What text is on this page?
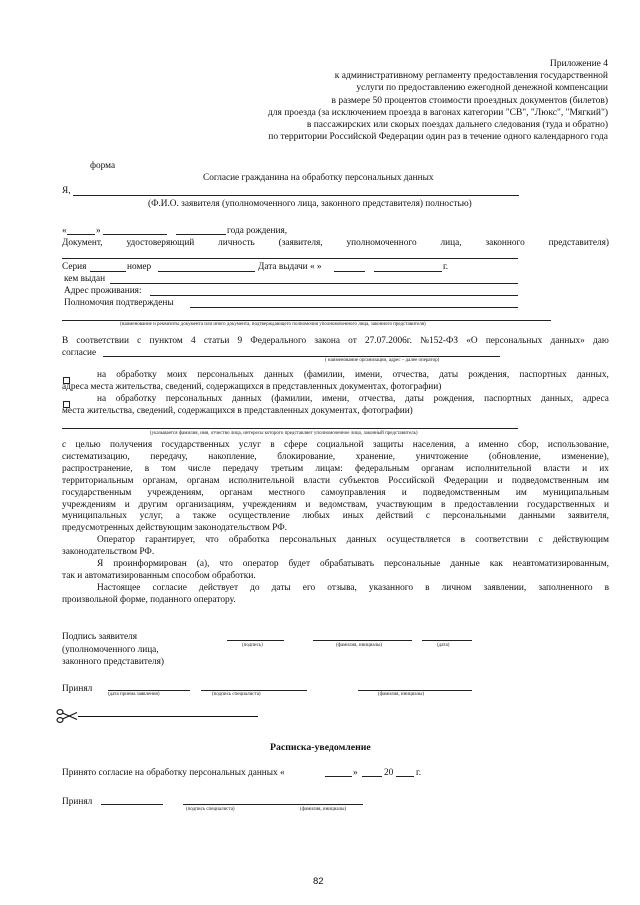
Приложение 4
к административному регламенту предоставления государственной
услуги по предоставлению ежегодной денежной компенсации
в размере 50 процентов стоимости проездных документов (билетов)
для проезда (за исключением проезда в вагонах категории "СВ", "Люкс", "Мягкий")
в пассажирских или скорых поездах дальнего следования (туда и обратно)
по территории Российской Федерации один раз в течение одного календарного года
форма
Согласие гражданина на обработку персональных данных
Я,
(Ф.И.О. заявителя (уполномоченного лица, законного представителя) полностью)
«	»	года рождения,
Документ,	удостоверяющий	личность	(заявителя,	уполномоченного	лица,	законного	представителя)
Серия	номер	Дата выдачи « »	г.
кем выдан
Адрес проживания:
Полномочия подтверждены
(наименование и реквизиты документа или иного документа, подтверждающего полномочия уполномоченного лица, законного представителя)
В соответствии с пунктом 4 статьи 9 Федерального закона от 27.07.2006г. №152-ФЗ «О персональных данных» даю
согласие
( наименование организации, адрес – далее оператор)
на обработку моих персональных данных (фамилии, имени, отчества, даты рождения, паспортных данных,
адреса места жительства, сведений, содержащихся в представленных документах, фотографии)
на обработку персональных данных (фамилии, имени, отчества, даты рождения, паспортных данных, адреса
места жительства, сведений, содержащихся в представленных документах, фотографии)
(указывается фамилия, имя, отчество лица, интересы которого представляет уполномоченное лицо, законный представитель)
с целью получения государственных услуг в сфере социальной защиты населения, а именно сбор, использование,
систематизацию, передачу, накопление, блокирование, хранение, уничтожение (обновление, изменение),
распространение, в том числе передачу третьим лицам: федеральным органам исполнительной власти и их
территориальным органам, органам исполнительной власти субъектов Российской Федерации и подведомственным им
государственным учреждениям, органам местного самоуправления и подведомственным им муниципальным
учреждениям и другим организациям, учреждениям и ведомствам, участвующим в предоставлении государственных и
муниципальных услуг, а также осуществление любых иных действий с персональными данными заявителя,
предусмотренных действующим законодательством РФ.
Оператор гарантирует, что обработка персональных данных осуществляется в соответствии с действующим
законодательством РФ.
Я проинформирован (а), что оператор будет обрабатывать персональные данные как неавтоматизированным,
так и автоматизированным способом обработки.
Настоящее согласие действует до даты его отзыва, указанного в личном заявлении, заполненного в
произвольной форме, поданного оператору.
Подпись заявителя
(уполномоченного лица,
законного представителя)
(подпись)	(фамилия, инициалы)	(дата)
Принял
(дата приема заявления)	(подпись специалиста)	(фамилия, инициалы)
Расписка-уведомление
Принято согласие на обработку персональных данных «	»	20 г.
Принял
(подпись специалиста)	(фамилия, инициалы)
82
